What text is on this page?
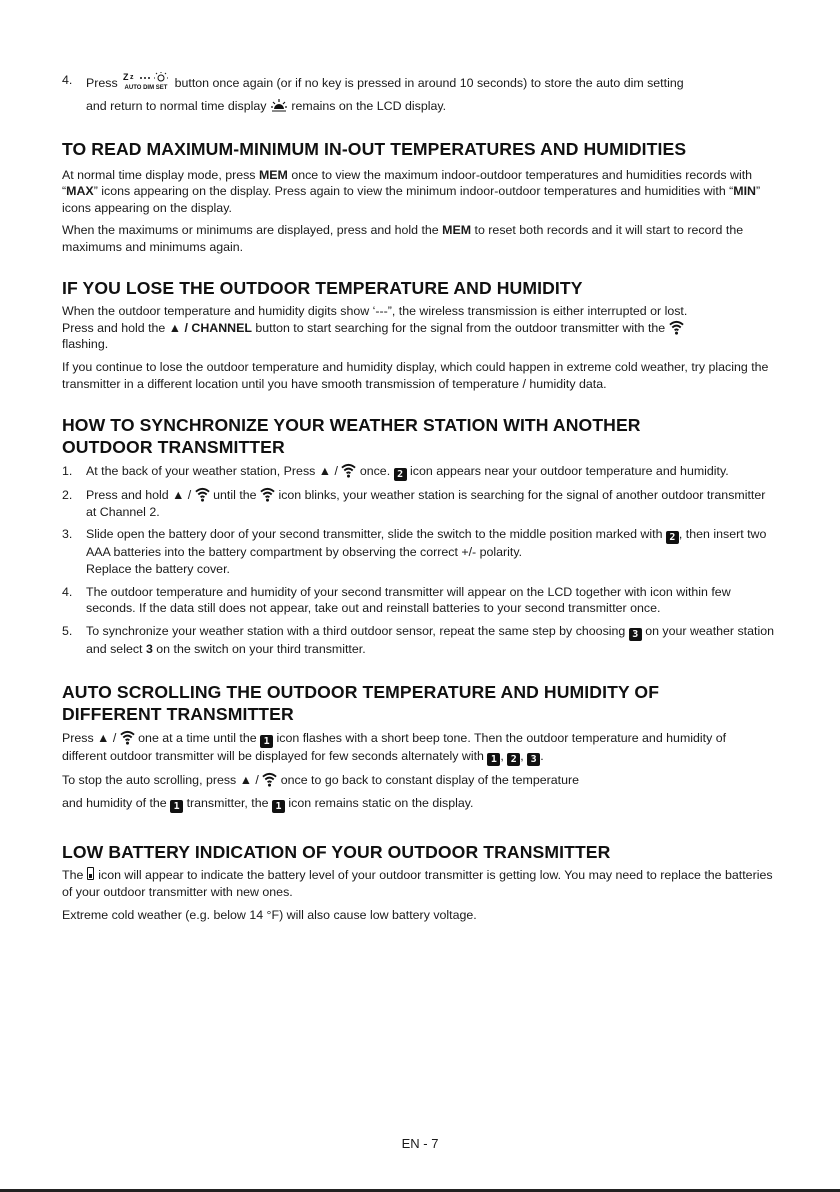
4. Press Z z
AUTO DIM SET button once again (or if no key is pressed in around 10 seconds) to store the auto dim setting
and return to normal time display  remains on the LCD display.
TO READ MAXIMUM-MINIMUM IN-OUT TEMPERATURES AND HUMIDITIES

At normal time display mode, press MEM once to view the maximum indoor-outdoor temperatures and humidities records with “MAX” icons appearing on the display. Press again to view the minimum indoor-outdoor temperatures and humidities with “MIN” icons appearing on the display.

When the maximums or minimums are displayed, press and hold the MEM to reset both records and it will start to record the maximums and minimums again.

IF YOU LOSE THE OUTDOOR TEMPERATURE AND HUMIDITY

When the outdoor temperature and humidity digits show ‘---”, the wireless transmission is either interrupted or lost.

Press and hold the ▲ / CHANNEL button to start searching for the signal from the outdoor transmitter with the
flashing.

If you continue to lose the outdoor temperature and humidity display, which could happen in extreme cold weather, try placing the transmitter in a different location until you have smooth transmission of temperature / humidity data.

HOW TO SYNCHRONIZE YOUR WEATHER STATION WITH ANOTHER
OUTDOOR TRANSMITTER
1. At the back of your weather station, Press ▲ /  once. 2 icon appears near your outdoor temperature and humidity.
2. Press and hold ▲ /  until the  icon blinks, your weather station is searching for the signal of another outdoor transmitter at Channel 2.
3. Slide open the battery door of your second transmitter, slide the switch to the middle position marked with 2 , then insert two AAA batteries into the battery compartment by observing the correct +/- polarity.
Replace the battery cover.
4. The outdoor temperature and humidity of your second transmitter will appear on the LCD together with icon within few seconds. If the data still does not appear, take out and reinstall batteries to your second transmitter once.
5. To synchronize your weather station with a third outdoor sensor, repeat the same step by choosing 3 on your weather station and select 3 on the switch on your third transmitter.
AUTO SCROLLING THE OUTDOOR TEMPERATURE AND HUMIDITY OF
DIFFERENT TRANSMITTER

Press ▲ /  one at a time until the 1 icon flashes with a short beep tone. Then the outdoor temperature and humidity of different outdoor transmitter will be displayed for few seconds alternately with 1 , 2 , 3 .

To stop the auto scrolling, press ▲ /  once to go back to constant display of the temperature

and humidity of the 1 transmitter, the 1 icon remains static on the display.

LOW BATTERY INDICATION OF YOUR OUTDOOR TRANSMITTER

The
icon will appear to indicate the battery level of your outdoor transmitter is getting low. You may need to replace the batteries of your outdoor transmitter with new ones.

Extreme cold weather (e.g. below 14 °F) will also cause low battery voltage.

EN - 7
